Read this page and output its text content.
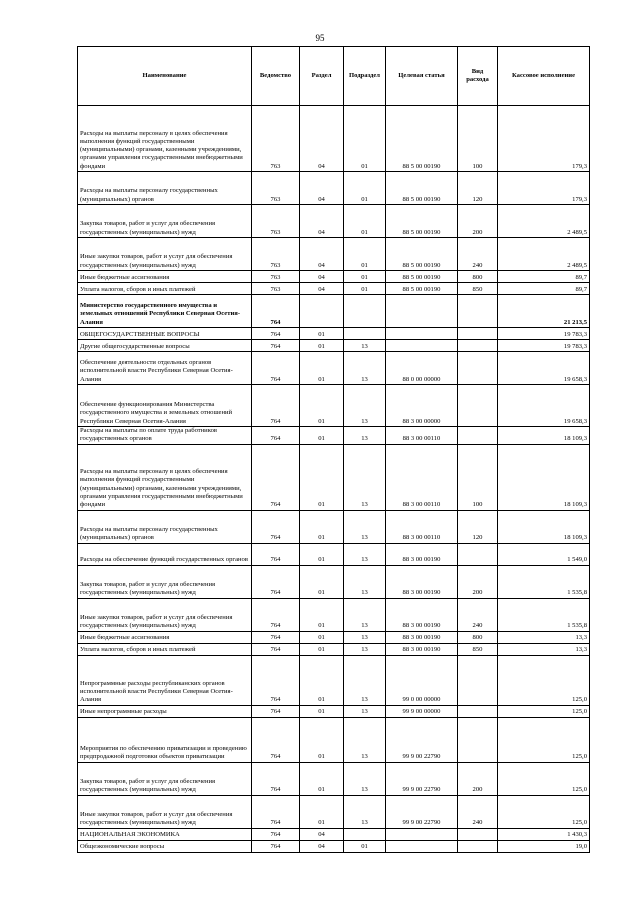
95
Наименование	Ведомство	Раздел	Подраздел	Целевая статья	Вид расхода	Кассовое исполнение
Расходы на выплаты персоналу в целях обеспечения выполнения функций государственными (муниципальными) органами, казенными учреждениями, органами управления государственными внебюджетными фондами	763	04	01	88 5 00 00190	100	179,3
Расходы на выплаты персоналу государственных (муниципальных) органов	763	04	01	88 5 00 00190	120	179,3
Закупка товаров, работ и услуг для обеспечения государственных (муниципальных) нужд	763	04	01	88 5 00 00190	200	2 489,5
Иные закупки товаров, работ и услуг для обеспечения государственных (муниципальных) нужд	763	04	01	88 5 00 00190	240	2 489,5
Иные бюджетные ассигнования	763	04	01	88 5 00 00190	800	89,7
Уплата налогов, сборов и иных платежей	763	04	01	88 5 00 00190	850	89,7
Министерство государственного имущества и земельных отношений Республики Северная Осетия-Алания	764					21 213,5
ОБЩЕГОСУДАРСТВЕННЫЕ ВОПРОСЫ	764	01				19 783,3
Другие общегосударственные вопросы	764	01	13			19 783,3
Обеспечение деятельности отдельных органов исполнительной власти Республики Северная Осетия-Алания	764	01	13	88 0 00 00000		19 658,3
Обеспечение функционирования Министерства государственного имущества и земельных отношений Республики Северная Осетия-Алания	764	01	13	88 3 00 00000		19 658,3
Расходы на выплаты по оплате труда работников государственных органов	764	01	13	88 3 00 00110		18 109,3
Расходы на выплаты персоналу в целях обеспечения выполнения функций государственными (муниципальными) органами, казенными учреждениями, органами управления государственными внебюджетными фондами	764	01	13	88 3 00 00110	100	18 109,3
Расходы на выплаты персоналу государственных (муниципальных) органов	764	01	13	88 3 00 00110	120	18 109,3
Расходы на обеспечение функций государственных органов	764	01	13	88 3 00 00190		1 549,0
Закупка товаров, работ и услуг для обеспечения государственных (муниципальных) нужд	764	01	13	88 3 00 00190	200	1 535,8
Иные закупки товаров, работ и услуг для обеспечения государственных (муниципальных) нужд	764	01	13	88 3 00 00190	240	1 535,8
Иные бюджетные ассигнования	764	01	13	88 3 00 00190	800	13,3
Уплата налогов, сборов и иных платежей	764	01	13	88 3 00 00190	850	13,3
Непрограммные расходы республиканских органов исполнительной власти Республики Северная Осетия-Алания	764	01	13	99 0 00 00000		125,0
Иные непрограммные расходы	764	01	13	99 9 00 00000		125,0
Мероприятия по обеспечению приватизации и проведению предпродажной подготовки объектов приватизации	764	01	13	99 9 00 22790		125,0
Закупка товаров, работ и услуг для обеспечения государственных (муниципальных) нужд	764	01	13	99 9 00 22790	200	125,0
Иные закупки товаров, работ и услуг для обеспечения государственных (муниципальных) нужд	764	01	13	99 9 00 22790	240	125,0
НАЦИОНАЛЬНАЯ ЭКОНОМИКА	764	04				1 430,3
Общеэкономические вопросы	764	04	01			19,0
